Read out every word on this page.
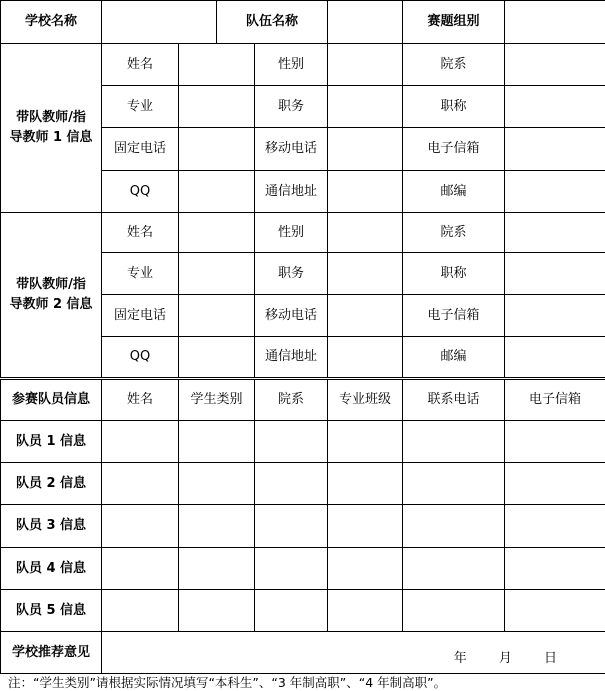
学校名称			队伍名称			赛题组别	

带队教师/指
导教师 1 信息	姓名			性别		院系	
	专业			职务		职称	
	固定电话			移动电话		电子信箱	
	QQ			通信地址		邮编	

带队教师/指
导教师 2 信息	姓名			性别		院系	
	专业			职务		职称	
	固定电话			移动电话		电子信箱	
	QQ			通信地址		邮编	
参赛队员信息	姓名	学生类别		院系	专业班级	联系电话	电子信箱
队员 1 信息							
队员 2 信息							
队员 3 信息							
队员 4 信息							
队员 5 信息							
学校推荐意见	年 月 日						
注：“学生类别”请根据实际情况填写“本科生”、“3 年制高职”、“4 年制高职”。
